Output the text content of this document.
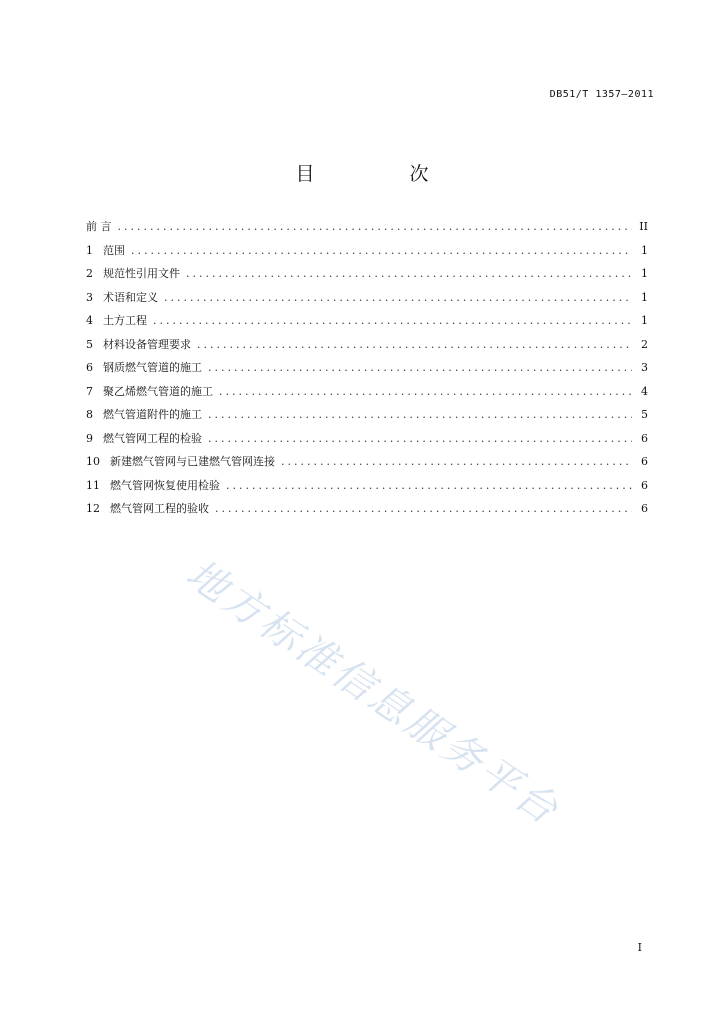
DB51/T 1357—2011
目　次
前 言 .....	II
1 范围 .....	1
2 规范性引用文件 .....	1
3 术语和定义 .....	1
4 土方工程 .....	1
5 材料设备管理要求 .....	2
6 钢质燃气管道的施工 .....	3
7 聚乙烯燃气管道的施工 .....	4
8 燃气管道附件的施工 .....	5
9 燃气管网工程的检验 .....	6
10 新建燃气管网与已建燃气管网连接 .....	6
11 燃气管网恢复使用检验 .....	6
12 燃气管网工程的验收 .....	6
地方标准信息服务平台
I
